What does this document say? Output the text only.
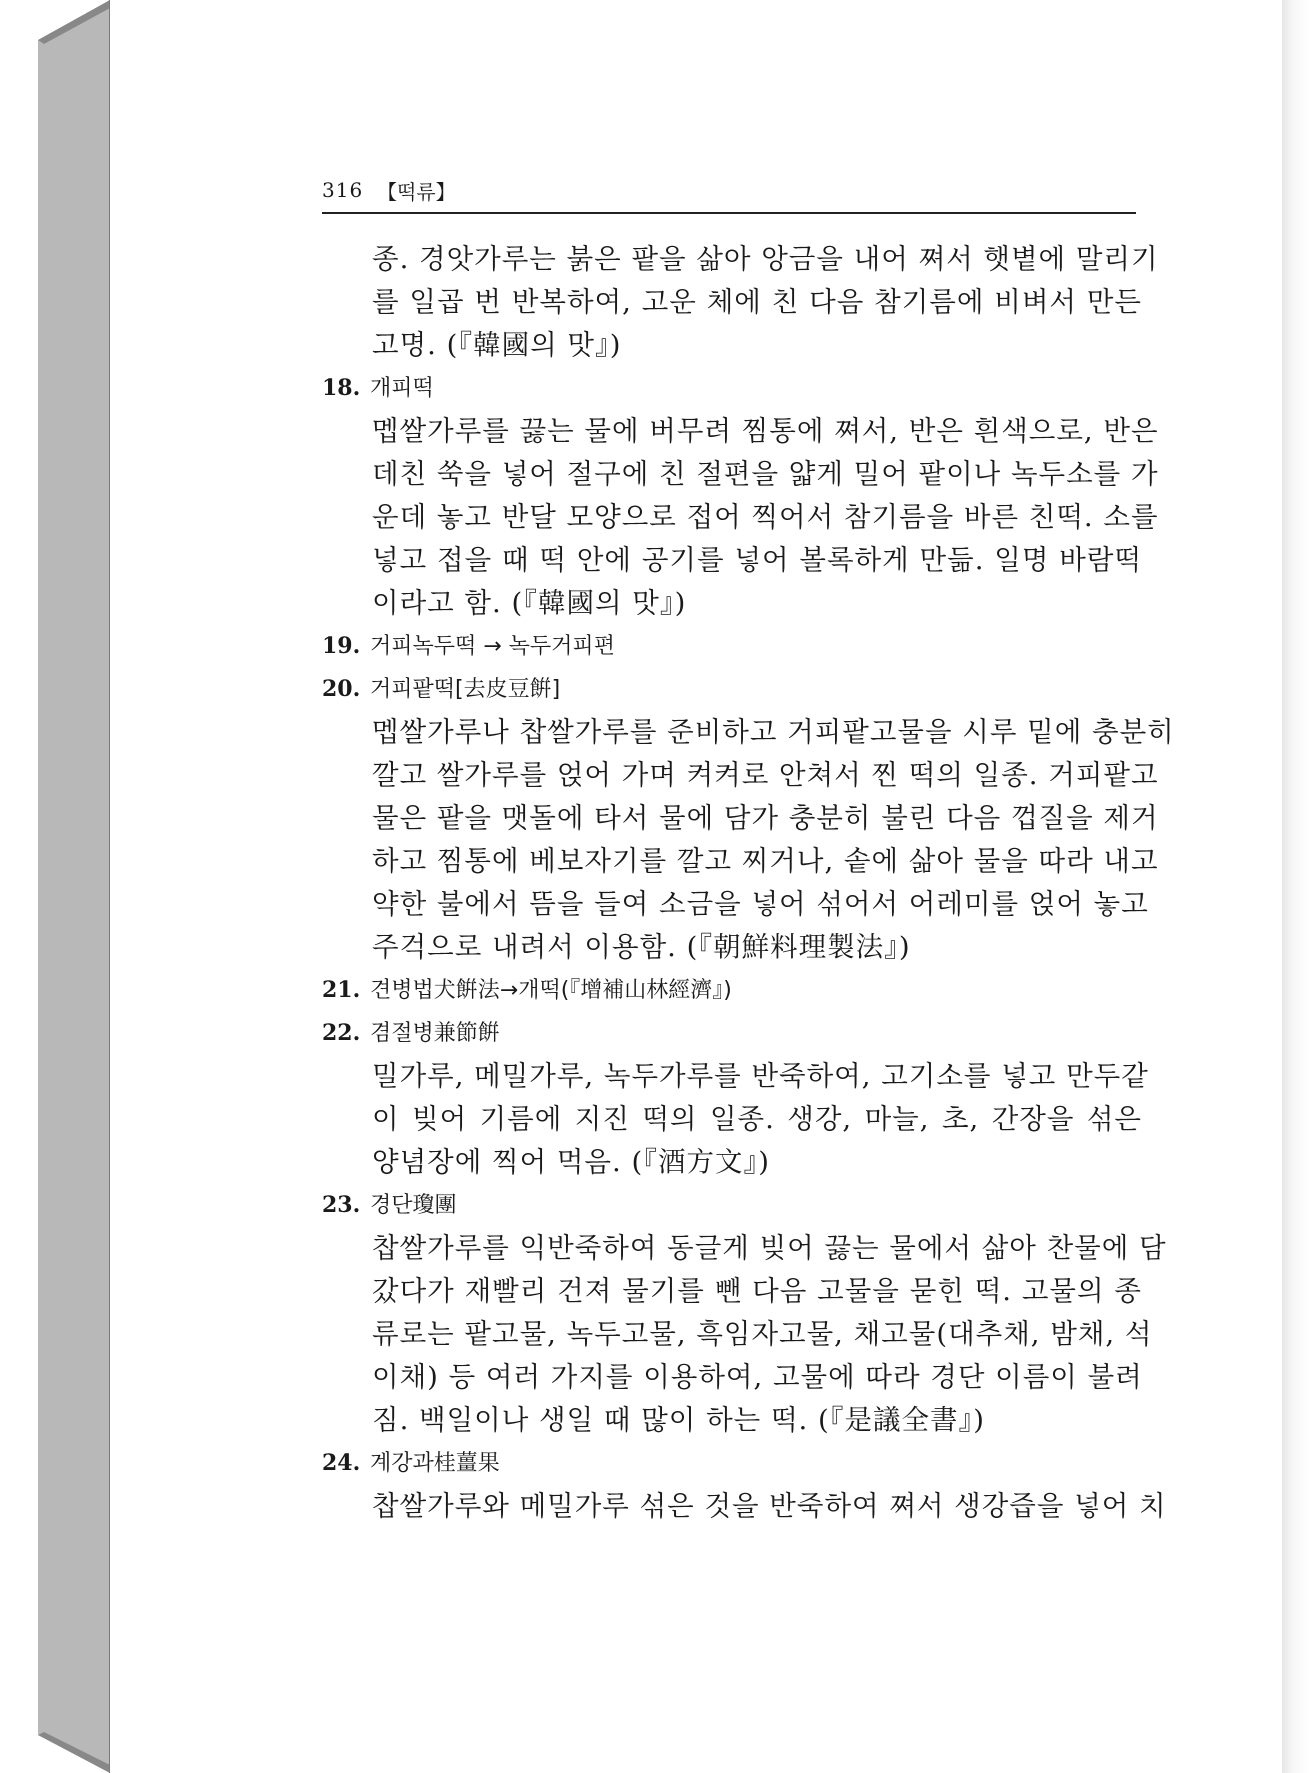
316 【떡류】
종. 경앗가루는 붉은 팥을 삶아 앙금을 내어 쪄서 햇볕에 말리기
를 일곱 번 반복하여, 고운 체에 친 다음 참기름에 비벼서 만든
고명. (『韓國의 맛』)
18. 개피떡
멥쌀가루를 끓는 물에 버무려 찜통에 쪄서, 반은 흰색으로, 반은
데친 쑥을 넣어 절구에 친 절편을 얇게 밀어 팥이나 녹두소를 가
운데 놓고 반달 모양으로 접어 찍어서 참기름을 바른 친떡. 소를
넣고 접을 때 떡 안에 공기를 넣어 볼록하게 만듦. 일명 바람떡
이라고 함. (『韓國의 맛』)
19. 거피녹두떡 → 녹두거피편
20. 거피팥떡[去皮豆餠]
멥쌀가루나 찹쌀가루를 준비하고 거피팥고물을 시루 밑에 충분히
깔고 쌀가루를 얹어 가며 켜켜로 안쳐서 찐 떡의 일종. 거피팥고
물은 팥을 맷돌에 타서 물에 담가 충분히 불린 다음 껍질을 제거
하고 찜통에 베보자기를 깔고 찌거나, 솥에 삶아 물을 따라 내고
약한 불에서 뜸을 들여 소금을 넣어 섞어서 어레미를 얹어 놓고
주걱으로 내려서 이용함. (『朝鮮料理製法』)
21. 견병법犬餠法→개떡(『增補山林經濟』)
22. 겸절병兼節餠
밀가루, 메밀가루, 녹두가루를 반죽하여, 고기소를 넣고 만두같
이 빚어 기름에 지진 떡의 일종. 생강, 마늘, 초, 간장을 섞은
양념장에 찍어 먹음. (『酒方文』)
23. 경단瓊團
찹쌀가루를 익반죽하여 동글게 빚어 끓는 물에서 삶아 찬물에 담
갔다가 재빨리 건져 물기를 뺀 다음 고물을 묻힌 떡. 고물의 종
류로는 팥고물, 녹두고물, 흑임자고물, 채고물(대추채, 밤채, 석
이채) 등 여러 가지를 이용하여, 고물에 따라 경단 이름이 불려
짐. 백일이나 생일 때 많이 하는 떡. (『是議全書』)
24. 계강과桂薑果
찹쌀가루와 메밀가루 섞은 것을 반죽하여 쪄서 생강즙을 넣어 치
